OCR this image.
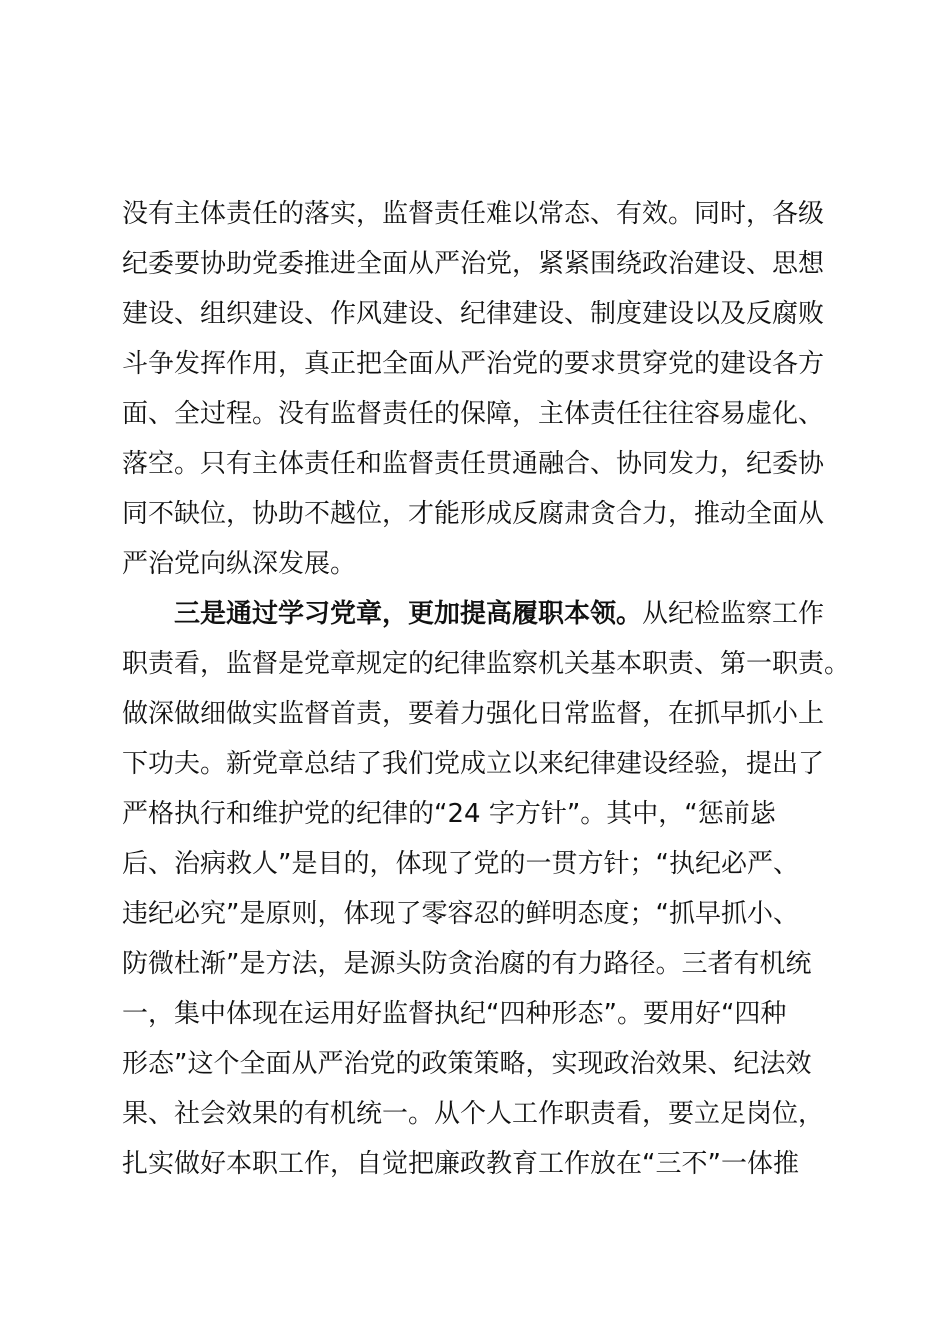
没有主体责任的落实，监督责任难以常态、有效。同时，各级
纪委要协助党委推进全面从严治党，紧紧围绕政治建设、思想
建设、组织建设、作风建设、纪律建设、制度建设以及反腐败
斗争发挥作用，真正把全面从严治党的要求贯穿党的建设各方
面、全过程。没有监督责任的保障，主体责任往往容易虚化、
落空。只有主体责任和监督责任贯通融合、协同发力，纪委协
同不缺位，协助不越位，才能形成反腐肃贪合力，推动全面从
严治党向纵深发展。
三是通过学习党章，更加提高履职本领。从纪检监察工作
职责看，监督是党章规定的纪律监察机关基本职责、第一职责。
做深做细做实监督首责，要着力强化日常监督，在抓早抓小上
下功夫。新党章总结了我们党成立以来纪律建设经验，提出了
严格执行和维护党的纪律的“24 字方针”。其中，“惩前毖
后、治病救人”是目的，体现了党的一贯方针；“执纪必严、
违纪必究”是原则，体现了零容忍的鲜明态度；“抓早抓小、
防微杜渐”是方法，是源头防贪治腐的有力路径。三者有机统
一，集中体现在运用好监督执纪“四种形态”。要用好“四种
形态”这个全面从严治党的政策策略，实现政治效果、纪法效
果、社会效果的有机统一。从个人工作职责看，要立足岗位，
扎实做好本职工作，自觉把廉政教育工作放在“三不”一体推
